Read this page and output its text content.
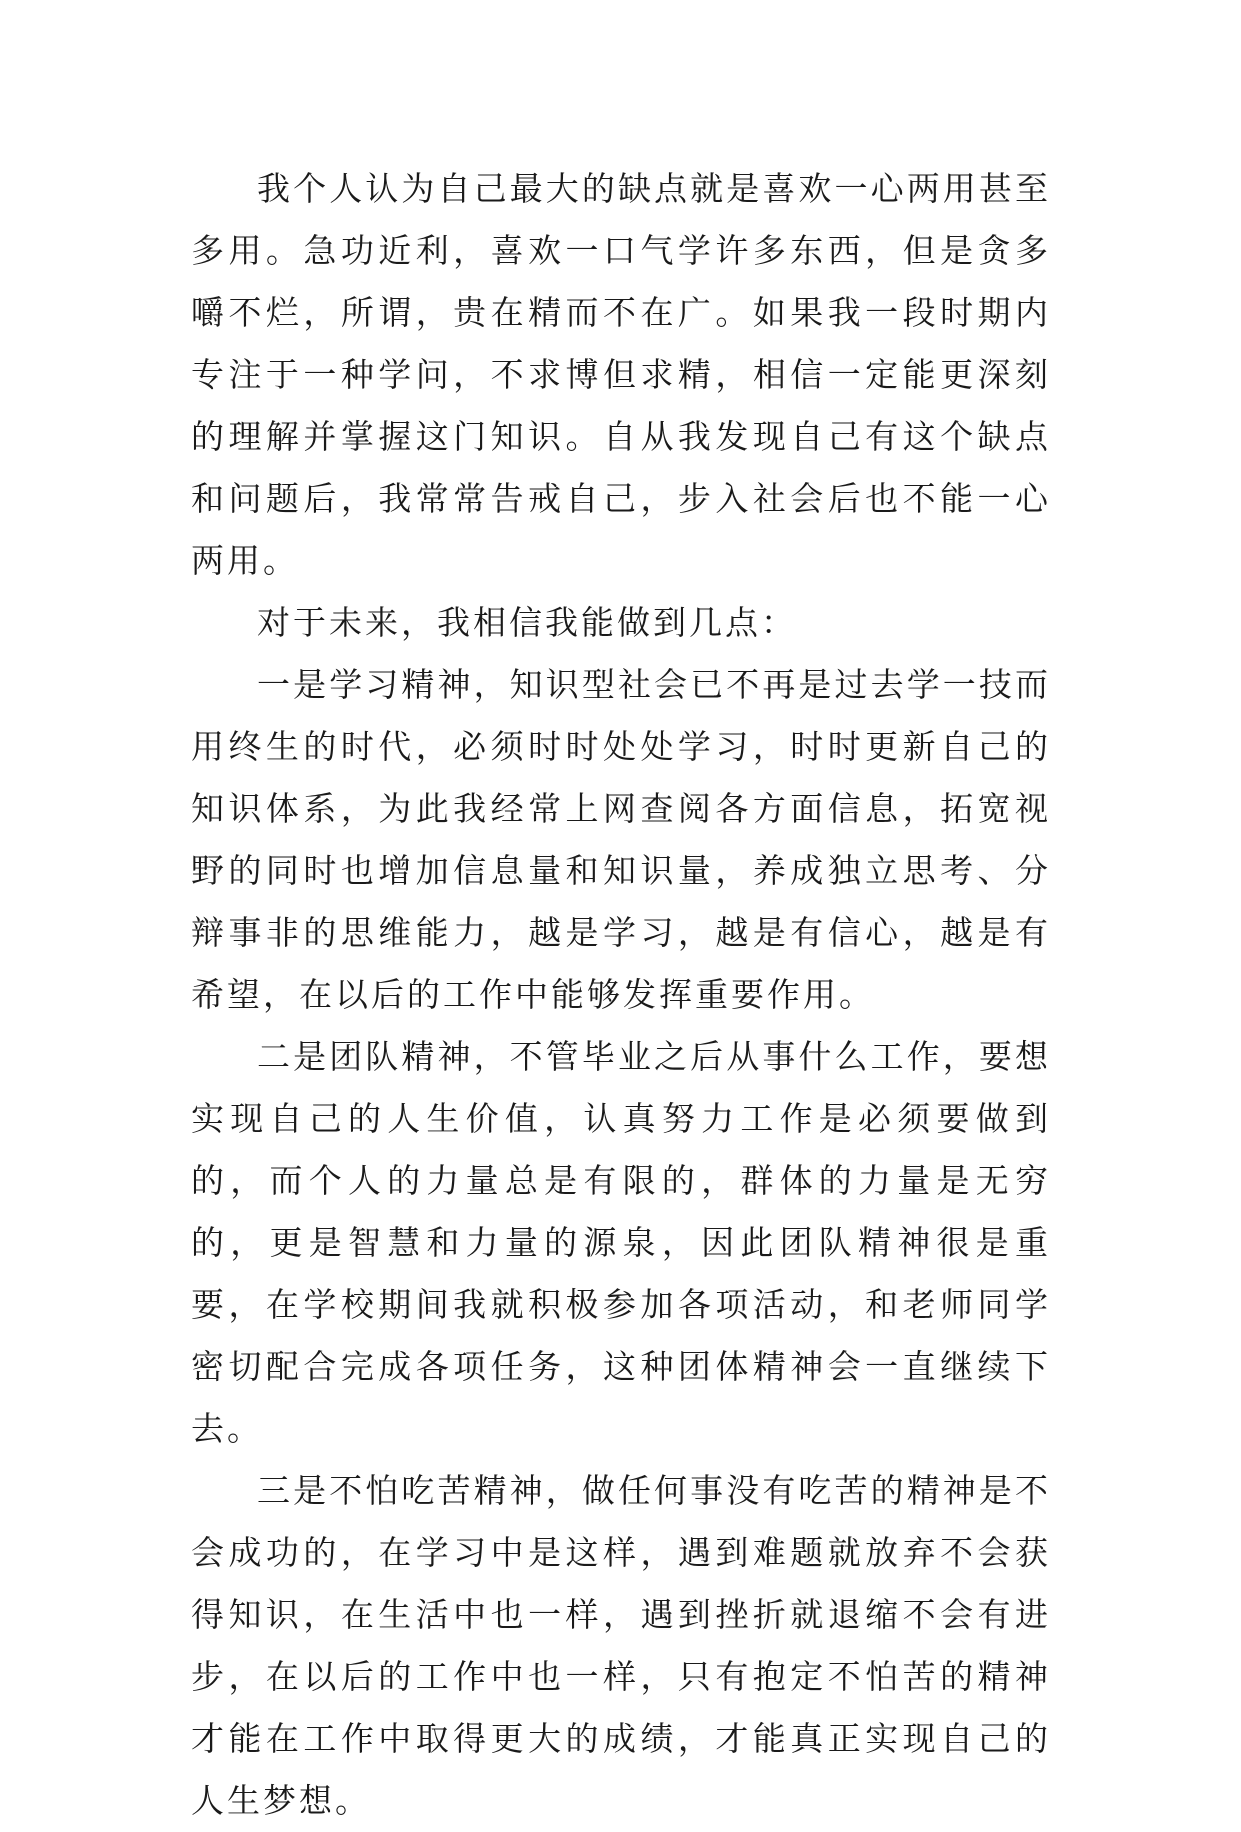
我个人认为自己最大的缺点就是喜欢一心两用甚至多用。急功近利，喜欢一口气学许多东西，但是贪多嚼不烂，所谓，贵在精而不在广。如果我一段时期内专注于一种学问，不求博但求精，相信一定能更深刻的理解并掌握这门知识。自从我发现自己有这个缺点和问题后，我常常告戒自己，步入社会后也不能一心两用。

对于未来，我相信我能做到几点：

一是学习精神，知识型社会已不再是过去学一技而用终生的时代，必须时时处处学习，时时更新自己的知识体系，为此我经常上网查阅各方面信息，拓宽视野的同时也增加信息量和知识量，养成独立思考、分辩事非的思维能力，越是学习，越是有信心，越是有希望，在以后的工作中能够发挥重要作用。

二是团队精神，不管毕业之后从事什么工作，要想实现自己的人生价值，认真努力工作是必须要做到的，而个人的力量总是有限的，群体的力量是无穷的，更是智慧和力量的源泉，因此团队精神很是重要，在学校期间我就积极参加各项活动，和老师同学密切配合完成各项任务，这种团体精神会一直继续下去。

三是不怕吃苦精神，做任何事没有吃苦的精神是不会成功的，在学习中是这样，遇到难题就放弃不会获得知识，在生活中也一样，遇到挫折就退缩不会有进步，在以后的工作中也一样，只有抱定不怕苦的精神才能在工作中取得更大的成绩，才能真正实现自己的人生梦想。
